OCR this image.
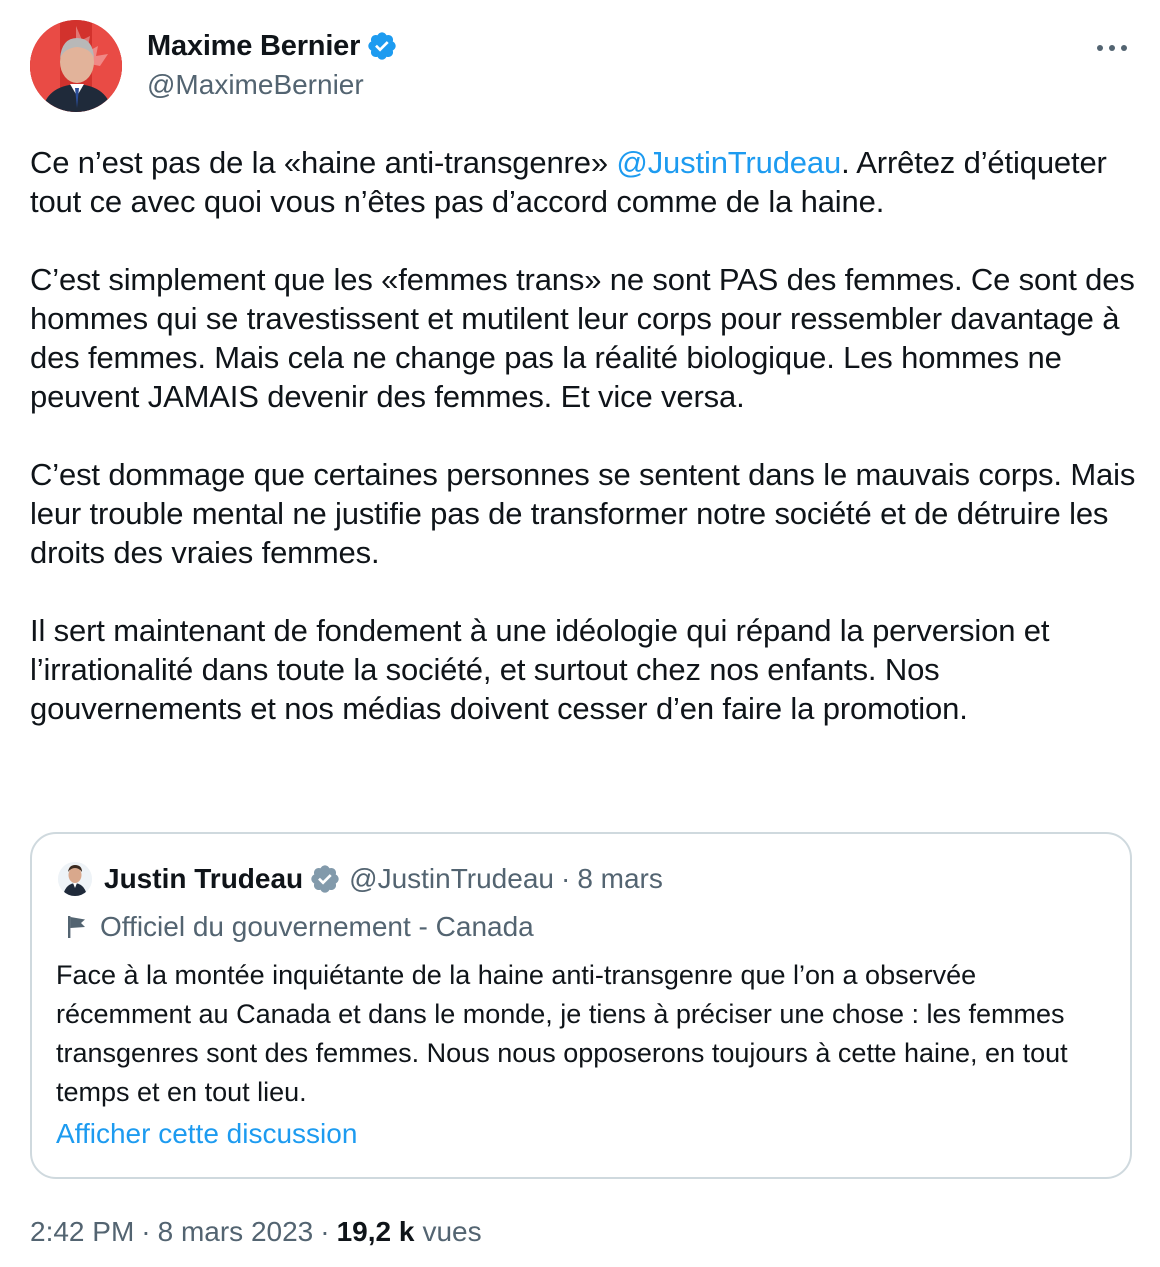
Maxime Bernier
@MaximeBernier

Ce n’est pas de la «haine anti-transgenre» @JustinTrudeau. Arrêtez d’étiqueter tout ce avec quoi vous n’êtes pas d’accord comme de la haine.

C’est simplement que les «femmes trans» ne sont PAS des femmes. Ce sont des hommes qui se travestissent et mutilent leur corps pour ressembler davantage à des femmes. Mais cela ne change pas la réalité biologique. Les hommes ne peuvent JAMAIS devenir des femmes. Et vice versa.

C’est dommage que certaines personnes se sentent dans le mauvais corps. Mais leur trouble mental ne justifie pas de transformer notre société et de détruire les droits des vraies femmes.

Il sert maintenant de fondement à une idéologie qui répand la perversion et l’irrationalité dans toute la société, et surtout chez nos enfants. Nos gouvernements et nos médias doivent cesser d’en faire la promotion.

Justin Trudeau @JustinTrudeau · 8 mars
Officiel du gouvernement - Canada
Face à la montée inquiétante de la haine anti-transgenre que l’on a observée récemment au Canada et dans le monde, je tiens à préciser une chose : les femmes transgenres sont des femmes. Nous nous opposerons toujours à cette haine, en tout temps et en tout lieu.
Afficher cette discussion
2:42 PM · 8 mars 2023 · 19,2 k vues
